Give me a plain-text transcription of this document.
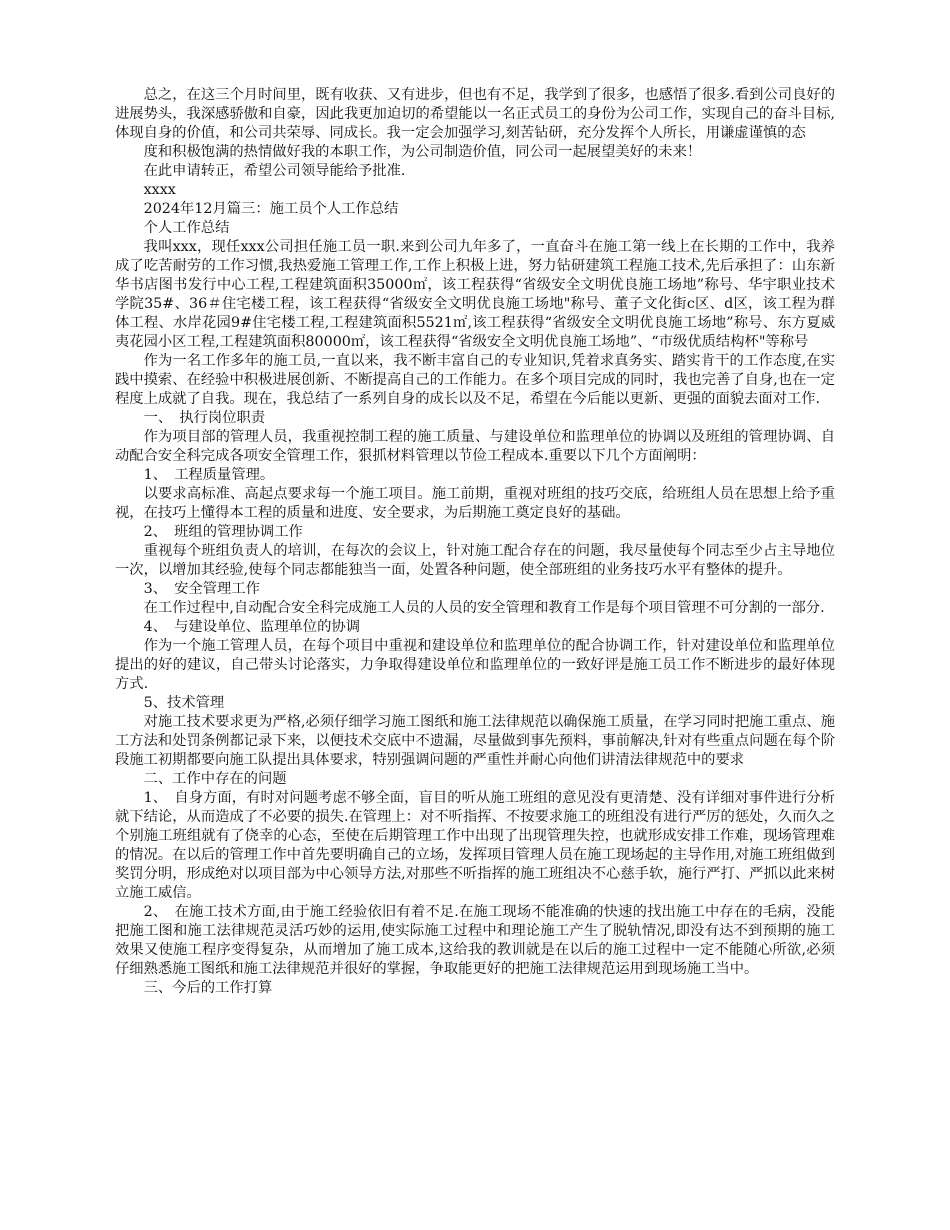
总之，在这三个月时间里，既有收获、又有进步，但也有不足，我学到了很多，也感悟了很多.看到公司良好的进展势头，我深感骄傲和自豪，因此我更加迫切的希望能以一名正式员工的身份为公司工作，实现自己的奋斗目标,体现自身的价值，和公司共荣辱、同成长。我一定会加强学习,刻苦钻研，充分发挥个人所长，用谦虚谨慎的态

度和积极饱满的热情做好我的本职工作，为公司制造价值，同公司一起展望美好的未来！

在此申请转正，希望公司领导能给予批准.

xxxx

2024年12月篇三：施工员个人工作总结

个人工作总结

我叫xxx，现任xxx公司担任施工员一职.来到公司九年多了，一直奋斗在施工第一线上在长期的工作中，我养成了吃苦耐劳的工作习惯,我热爱施工管理工作,工作上积极上进，努力钻研建筑工程施工技术,先后承担了：山东新华书店图书发行中心工程,工程建筑面积35000㎡，该工程获得“省级安全文明优良施工场地”称号、华宇职业技术学院35#、36＃住宅楼工程，该工程获得“省级安全文明优良施工场地"称号、董子文化街c区、d区，该工程为群体工程、水岸花园9#住宅楼工程,工程建筑面积5521㎡,该工程获得“省级安全文明优良施工场地”称号、东方夏威夷花园小区工程,工程建筑面积80000㎡，该工程获得“省级安全文明优良施工场地”、“市级优质结构杯"等称号

作为一名工作多年的施工员,一直以来，我不断丰富自己的专业知识,凭着求真务实、踏实肯干的工作态度,在实践中摸索、在经验中积极进展创新、不断提高自己的工作能力。在多个项目完成的同时，我也完善了自身,也在一定程度上成就了自我。现在，我总结了一系列自身的成长以及不足，希望在今后能以更新、更强的面貌去面对工作.

一、　执行岗位职责

作为项目部的管理人员，我重视控制工程的施工质量、与建设单位和监理单位的协调以及班组的管理协调、自动配合安全科完成各项安全管理工作，狠抓材料管理以节俭工程成本.重要以下几个方面阐明：

1、　工程质量管理。

以要求高标准、高起点要求每一个施工项目。施工前期，重视对班组的技巧交底，给班组人员在思想上给予重视，在技巧上懂得本工程的质量和进度、安全要求，为后期施工奠定良好的基础。

2、　班组的管理协调工作

重视每个班组负责人的培训，在每次的会议上，针对施工配合存在的问题，我尽量使每个同志至少占主导地位一次，以增加其经验,使每个同志都能独当一面，处置各种问题，使全部班组的业务技巧水平有整体的提升。

3、　安全管理工作

在工作过程中,自动配合安全科完成施工人员的人员的安全管理和教育工作是每个项目管理不可分割的一部分.

4、　与建设单位、监理单位的协调

作为一个施工管理人员，在每个项目中重视和建设单位和监理单位的配合协调工作，针对建设单位和监理单位提出的好的建议，自己带头讨论落实，力争取得建设单位和监理单位的一致好评是施工员工作不断进步的最好体现方式.

5、技术管理

对施工技术要求更为严格,必须仔细学习施工图纸和施工法律规范以确保施工质量，在学习同时把施工重点、施工方法和处罚条例都记录下来，以便技术交底中不遗漏，尽量做到事先预料，事前解决,针对有些重点问题在每个阶段施工初期都要向施工队提出具体要求，特别强调问题的严重性并耐心向他们讲清法律规范中的要求

二、工作中存在的问题

1、　自身方面，有时对问题考虑不够全面，盲目的听从施工班组的意见没有更清楚、没有详细对事件进行分析就下结论，从而造成了不必要的损失.在管理上：对不听指挥、不按要求施工的班组没有进行严厉的惩处，久而久之个别施工班组就有了侥幸的心态，至使在后期管理工作中出现了出现管理失控，也就形成安排工作难，现场管理难的情况。在以后的管理工作中首先要明确自己的立场，发挥项目管理人员在施工现场起的主导作用,对施工班组做到奖罚分明，形成绝对以项目部为中心领导方法,对那些不听指挥的施工班组决不心慈手软，施行严打、严抓以此来树立施工威信。

2、　在施工技术方面,由于施工经验依旧有着不足.在施工现场不能准确的快速的找出施工中存在的毛病，没能把施工图和施工法律规范灵活巧妙的运用,使实际施工过程中和理论施工产生了脱轨情况,即没有达不到预期的施工效果又使施工程序变得复杂，从而增加了施工成本,这给我的教训就是在以后的施工过程中一定不能随心所欲,必须仔细熟悉施工图纸和施工法律规范并很好的掌握，争取能更好的把施工法律规范运用到现场施工当中。

三、今后的工作打算
